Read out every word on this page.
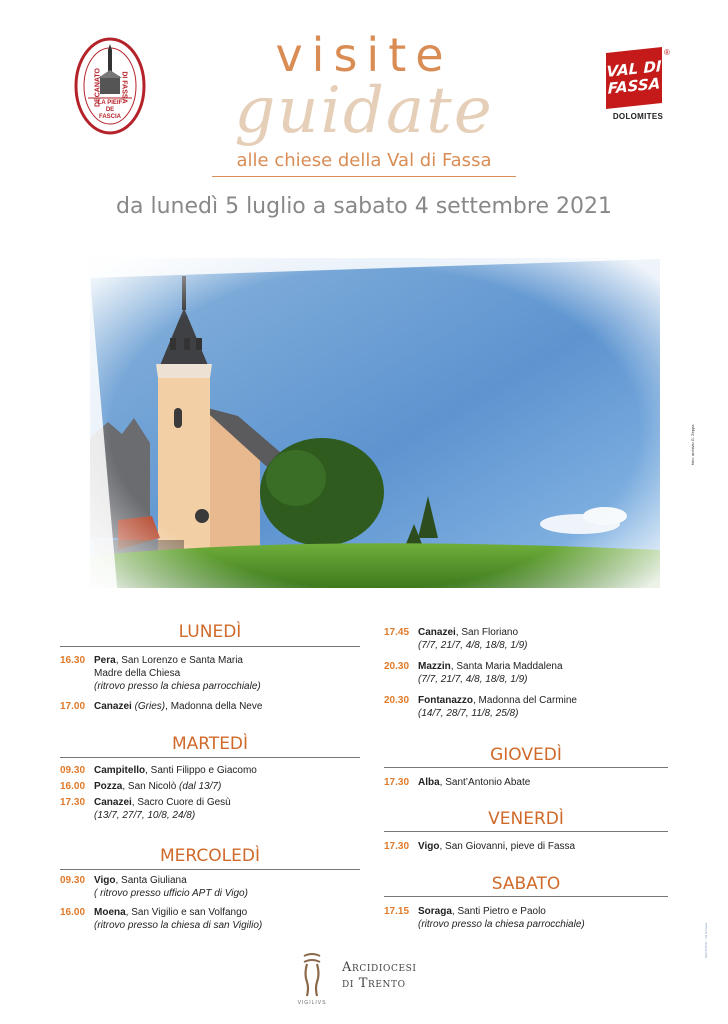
DECANATO	DI FASSA
LA PIEIF
DE
FASCIA
visite
guidate
alle chiese della Val di Fassa
da lunedì 5 luglio a sabato 4 settembre 2021
VAL DI
FASSA
®
DOLOMITES
foto: archivio G. Zeppa
DECANATO · Val di Fassa
LUNEDÌ
16.30 Pera, San Lorenzo e Santa Maria
Madre della Chiesa
(ritrovo presso la chiesa parrocchiale)
17.00 Canazei (Gries), Madonna della Neve
MARTEDÌ
09.30 Campitello, Santi Filippo e Giacomo
16.00 Pozza, San Nicolò (dal 13/7)
17.30 Canazei, Sacro Cuore di Gesù
(13/7, 27/7, 10/8, 24/8)
MERCOLEDÌ
09.30 Vigo, Santa Giuliana
( ritrovo presso ufficio APT di Vigo)
16.00 Moena, San Vigilio e san Volfango
(ritrovo presso la chiesa di san Vigilio)
17.45 Canazei, San Floriano
(7/7, 21/7, 4/8, 18/8, 1/9)
20.30 Mazzin, Santa Maria Maddalena
(7/7, 21/7, 4/8, 18/8, 1/9)
20.30 Fontanazzo, Madonna del Carmine
(14/7, 28/7, 11/8, 25/8)
GIOVEDÌ
17.30 Alba, Sant’Antonio Abate
VENERDÌ
17.30 Vigo, San Giovanni, pieve di Fassa
SABATO
17.15 Soraga, Santi Pietro e Paolo
(ritrovo presso la chiesa parrocchiale)
Arcidiocesi
di Trento
VIGILIVS
